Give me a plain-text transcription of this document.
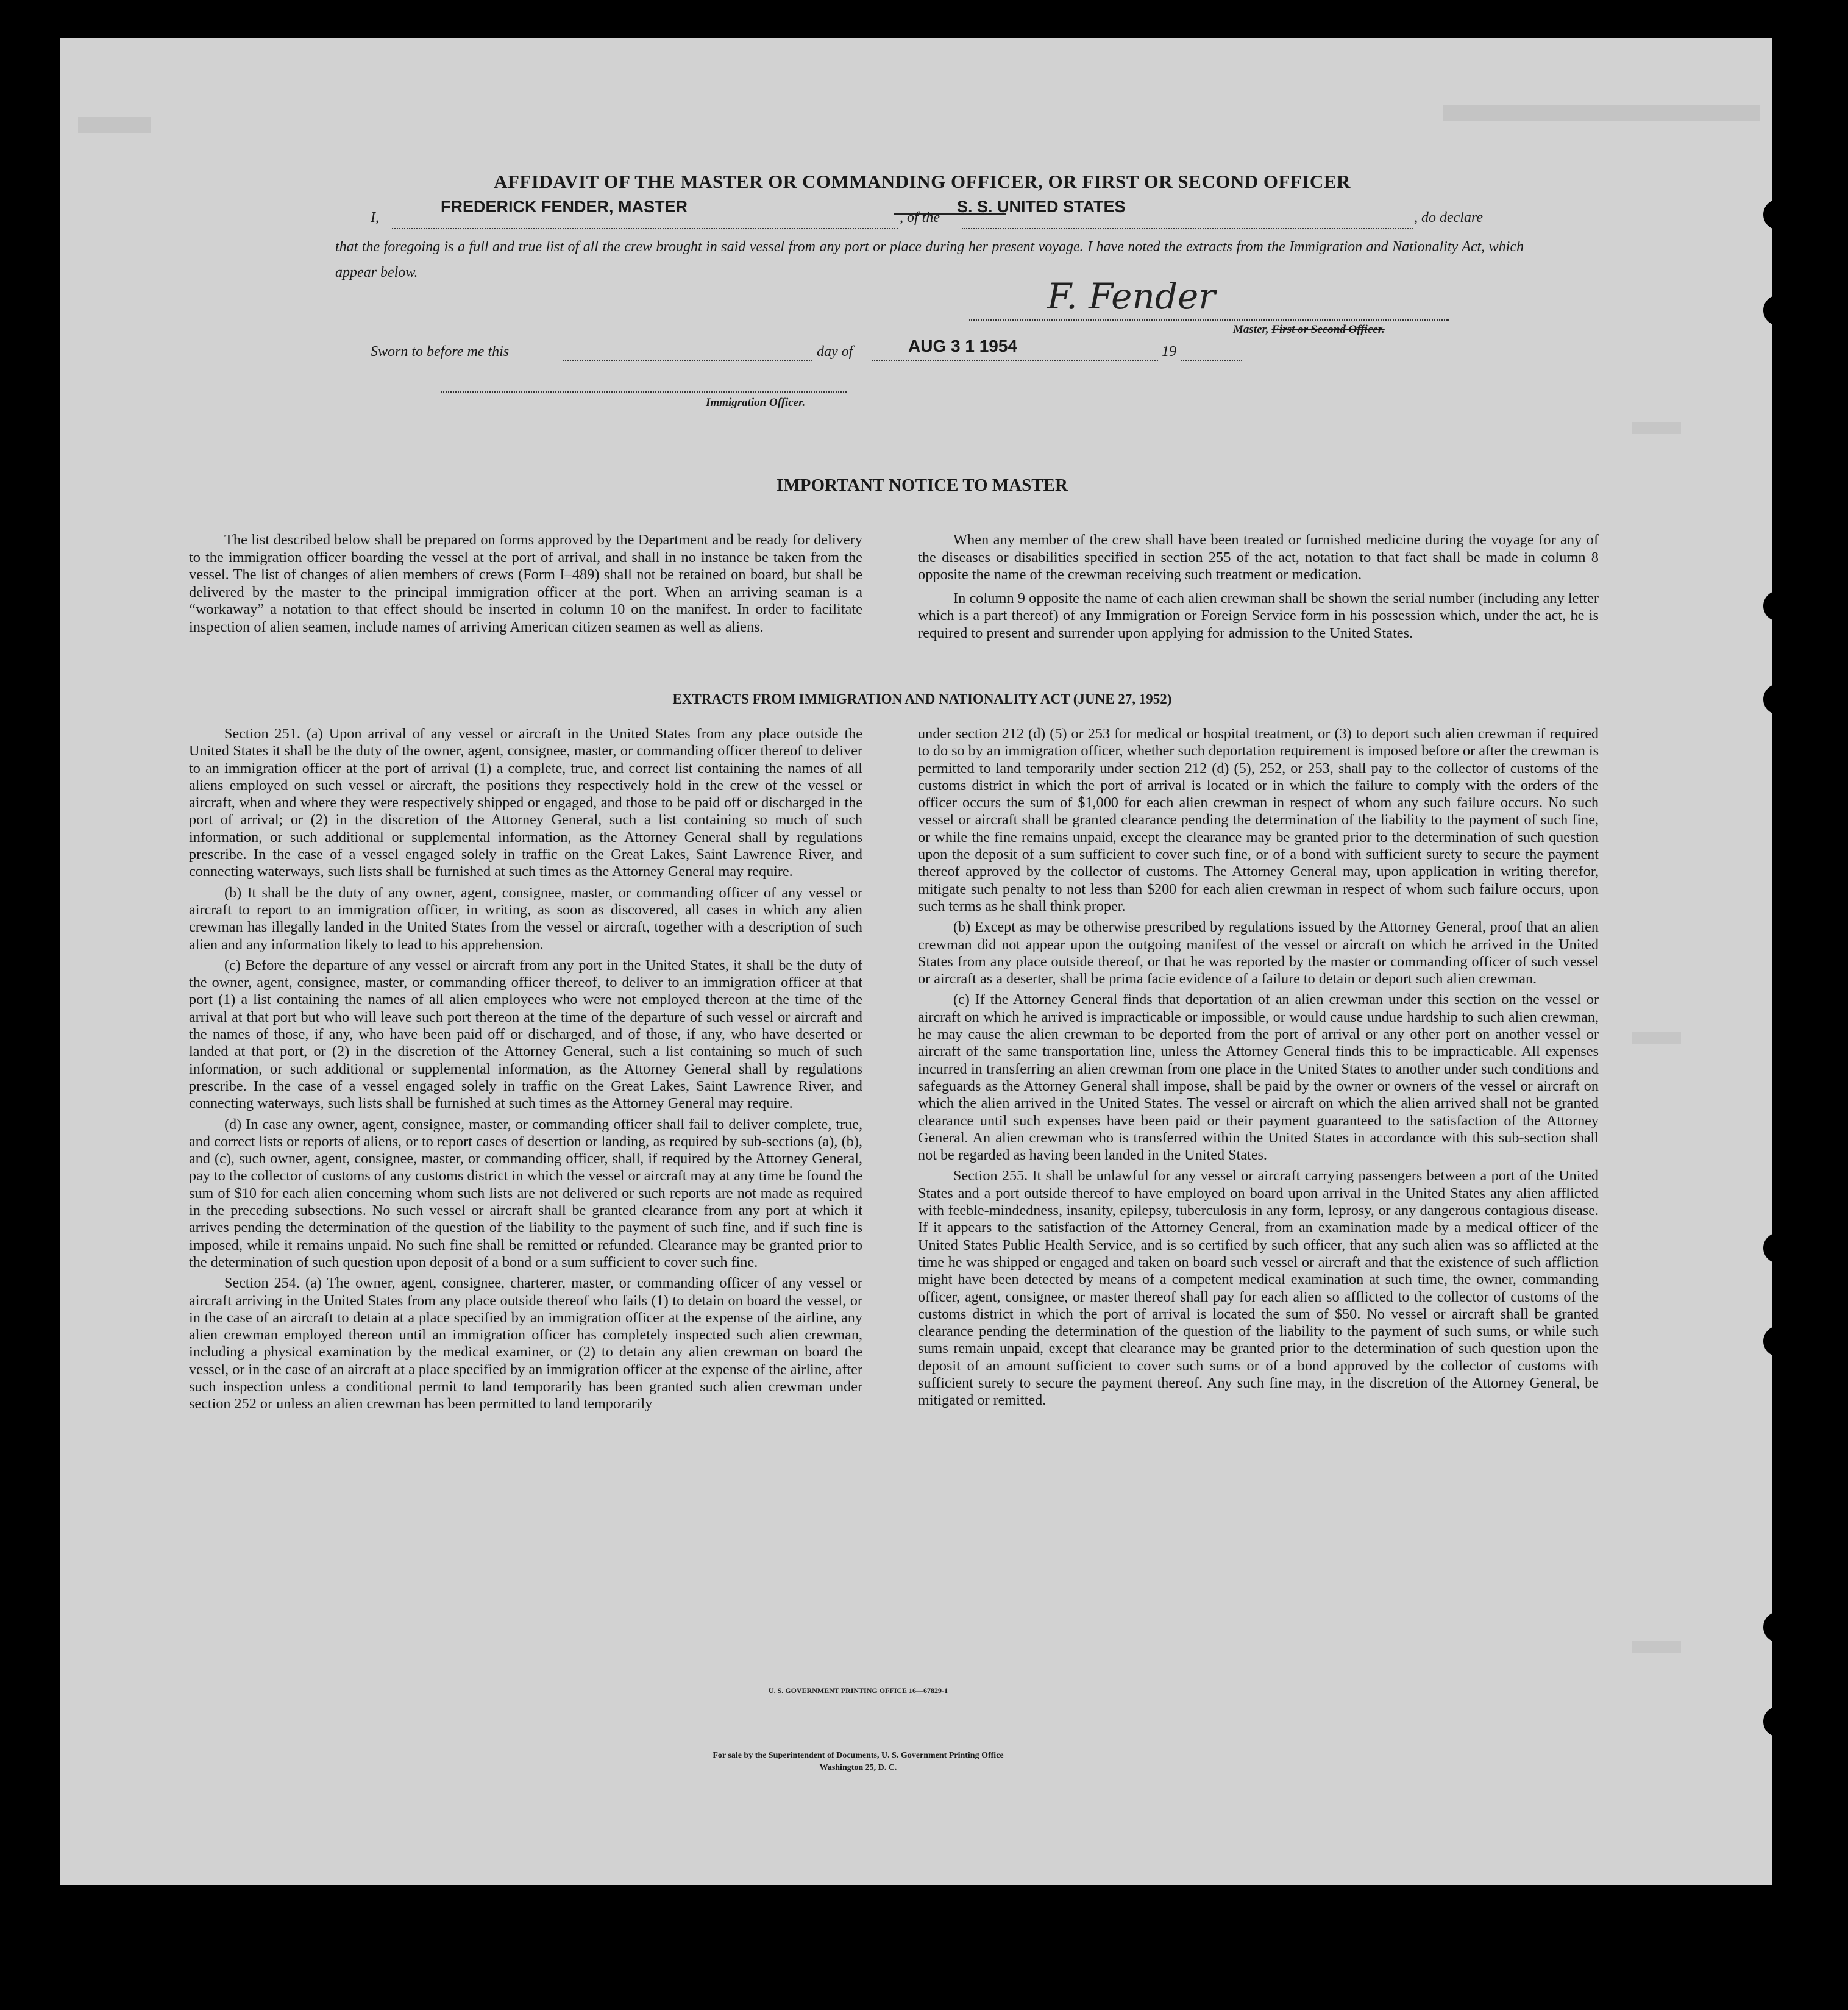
AFFIDAVIT OF THE MASTER OR COMMANDING OFFICER, OR FIRST OR SECOND OFFICER
I,
FREDERICK FENDER, MASTER
, of the
S. S. UNITED STATES
, do declare
that the foregoing is a full and true list of all the crew brought in said vessel from any port or place during her present voyage. I have noted the extracts from the Immigration and Nationality Act, which appear below.
F. Fender
Master, First or Second Officer.
Sworn to before me this	day of	AUG 3 1 1954	19
Immigration Officer.
IMPORTANT NOTICE TO MASTER

The list described below shall be prepared on forms approved by the Department and be ready for delivery to the immigration officer boarding the vessel at the port of arrival, and shall in no instance be taken from the vessel. The list of changes of alien members of crews (Form I–489) shall not be retained on board, but shall be delivered by the master to the principal immigration officer at the port. When an arriving seaman is a “workaway” a notation to that effect should be inserted in column 10 on the manifest. In order to facilitate inspection of alien seamen, include names of arriving American citizen seamen as well as aliens.

When any member of the crew shall have been treated or furnished medicine during the voyage for any of the diseases or disabilities specified in section 255 of the act, notation to that fact shall be made in column 8 opposite the name of the crewman receiving such treatment or medication.

In column 9 opposite the name of each alien crewman shall be shown the serial number (including any letter which is a part thereof) of any Immigration or Foreign Service form in his possession which, under the act, he is required to present and surrender upon applying for admission to the United States.

EXTRACTS FROM IMMIGRATION AND NATIONALITY ACT (JUNE 27, 1952)

Section 251. (a) Upon arrival of any vessel or aircraft in the United States from any place outside the United States it shall be the duty of the owner, agent, consignee, master, or commanding officer thereof to deliver to an immigration officer at the port of arrival (1) a complete, true, and correct list containing the names of all aliens employed on such vessel or aircraft, the positions they respectively hold in the crew of the vessel or aircraft, when and where they were respectively shipped or engaged, and those to be paid off or discharged in the port of arrival; or (2) in the discretion of the Attorney General, such a list containing so much of such information, or such additional or supplemental information, as the Attorney General shall by regulations prescribe. In the case of a vessel engaged solely in traffic on the Great Lakes, Saint Lawrence River, and connecting waterways, such lists shall be furnished at such times as the Attorney General may require.

(b) It shall be the duty of any owner, agent, consignee, master, or commanding officer of any vessel or aircraft to report to an immigration officer, in writing, as soon as discovered, all cases in which any alien crewman has illegally landed in the United States from the vessel or aircraft, together with a description of such alien and any information likely to lead to his apprehension.

(c) Before the departure of any vessel or aircraft from any port in the United States, it shall be the duty of the owner, agent, consignee, master, or commanding officer thereof, to deliver to an immigration officer at that port (1) a list containing the names of all alien employees who were not employed thereon at the time of the arrival at that port but who will leave such port thereon at the time of the departure of such vessel or aircraft and the names of those, if any, who have been paid off or discharged, and of those, if any, who have deserted or landed at that port, or (2) in the discretion of the Attorney General, such a list containing so much of such information, or such additional or supplemental information, as the Attorney General shall by regulations prescribe. In the case of a vessel engaged solely in traffic on the Great Lakes, Saint Lawrence River, and connecting waterways, such lists shall be furnished at such times as the Attorney General may require.

(d) In case any owner, agent, consignee, master, or commanding officer shall fail to deliver complete, true, and correct lists or reports of aliens, or to report cases of desertion or landing, as required by sub-sections (a), (b), and (c), such owner, agent, consignee, master, or commanding officer, shall, if required by the Attorney General, pay to the collector of customs of any customs district in which the vessel or aircraft may at any time be found the sum of $10 for each alien concerning whom such lists are not delivered or such reports are not made as required in the preceding subsections. No such vessel or aircraft shall be granted clearance from any port at which it arrives pending the determination of the question of the liability to the payment of such fine, and if such fine is imposed, while it remains unpaid. No such fine shall be remitted or refunded. Clearance may be granted prior to the determination of such question upon deposit of a bond or a sum sufficient to cover such fine.

Section 254. (a) The owner, agent, consignee, charterer, master, or commanding officer of any vessel or aircraft arriving in the United States from any place outside thereof who fails (1) to detain on board the vessel, or in the case of an aircraft to detain at a place specified by an immigration officer at the expense of the airline, any alien crewman employed thereon until an immigration officer has completely inspected such alien crewman, including a physical examination by the medical examiner, or (2) to detain any alien crewman on board the vessel, or in the case of an aircraft at a place specified by an immigration officer at the expense of the airline, after such inspection unless a conditional permit to land temporarily has been granted such alien crewman under section 252 or unless an alien crewman has been permitted to land temporarily

under section 212 (d) (5) or 253 for medical or hospital treatment, or (3) to deport such alien crewman if required to do so by an immigration officer, whether such deportation requirement is imposed before or after the crewman is permitted to land temporarily under section 212 (d) (5), 252, or 253, shall pay to the collector of customs of the customs district in which the port of arrival is located or in which the failure to comply with the orders of the officer occurs the sum of $1,000 for each alien crewman in respect of whom any such failure occurs. No such vessel or aircraft shall be granted clearance pending the determination of the liability to the payment of such fine, or while the fine remains unpaid, except the clearance may be granted prior to the determination of such question upon the deposit of a sum sufficient to cover such fine, or of a bond with sufficient surety to secure the payment thereof approved by the collector of customs. The Attorney General may, upon application in writing therefor, mitigate such penalty to not less than $200 for each alien crewman in respect of whom such failure occurs, upon such terms as he shall think proper.

(b) Except as may be otherwise prescribed by regulations issued by the Attorney General, proof that an alien crewman did not appear upon the outgoing manifest of the vessel or aircraft on which he arrived in the United States from any place outside thereof, or that he was reported by the master or commanding officer of such vessel or aircraft as a deserter, shall be prima facie evidence of a failure to detain or deport such alien crewman.

(c) If the Attorney General finds that deportation of an alien crewman under this section on the vessel or aircraft on which he arrived is impracticable or impossible, or would cause undue hardship to such alien crewman, he may cause the alien crewman to be deported from the port of arrival or any other port on another vessel or aircraft of the same transportation line, unless the Attorney General finds this to be impracticable. All expenses incurred in transferring an alien crewman from one place in the United States to another under such conditions and safeguards as the Attorney General shall impose, shall be paid by the owner or owners of the vessel or aircraft on which the alien arrived in the United States. The vessel or aircraft on which the alien arrived shall not be granted clearance until such expenses have been paid or their payment guaranteed to the satisfaction of the Attorney General. An alien crewman who is transferred within the United States in accordance with this sub-section shall not be regarded as having been landed in the United States.

Section 255. It shall be unlawful for any vessel or aircraft carrying passengers between a port of the United States and a port outside thereof to have employed on board upon arrival in the United States any alien afflicted with feeble-mindedness, insanity, epilepsy, tuberculosis in any form, leprosy, or any dangerous contagious disease. If it appears to the satisfaction of the Attorney General, from an examination made by a medical officer of the United States Public Health Service, and is so certified by such officer, that any such alien was so afflicted at the time he was shipped or engaged and taken on board such vessel or aircraft and that the existence of such affliction might have been detected by means of a competent medical examination at such time, the owner, commanding officer, agent, consignee, or master thereof shall pay for each alien so afflicted to the collector of customs of the customs district in which the port of arrival is located the sum of $50. No vessel or aircraft shall be granted clearance pending the determination of the question of the liability to the payment of such sums, or while such sums remain unpaid, except that clearance may be granted prior to the determination of such question upon the deposit of an amount sufficient to cover such sums or of a bond approved by the collector of customs with sufficient surety to secure the payment thereof. Any such fine may, in the discretion of the Attorney General, be mitigated or remitted.

U. S. GOVERNMENT PRINTING OFFICE 16—67829-1
For sale by the Superintendent of Documents, U. S. Government Printing Office
Washington 25, D. C.
